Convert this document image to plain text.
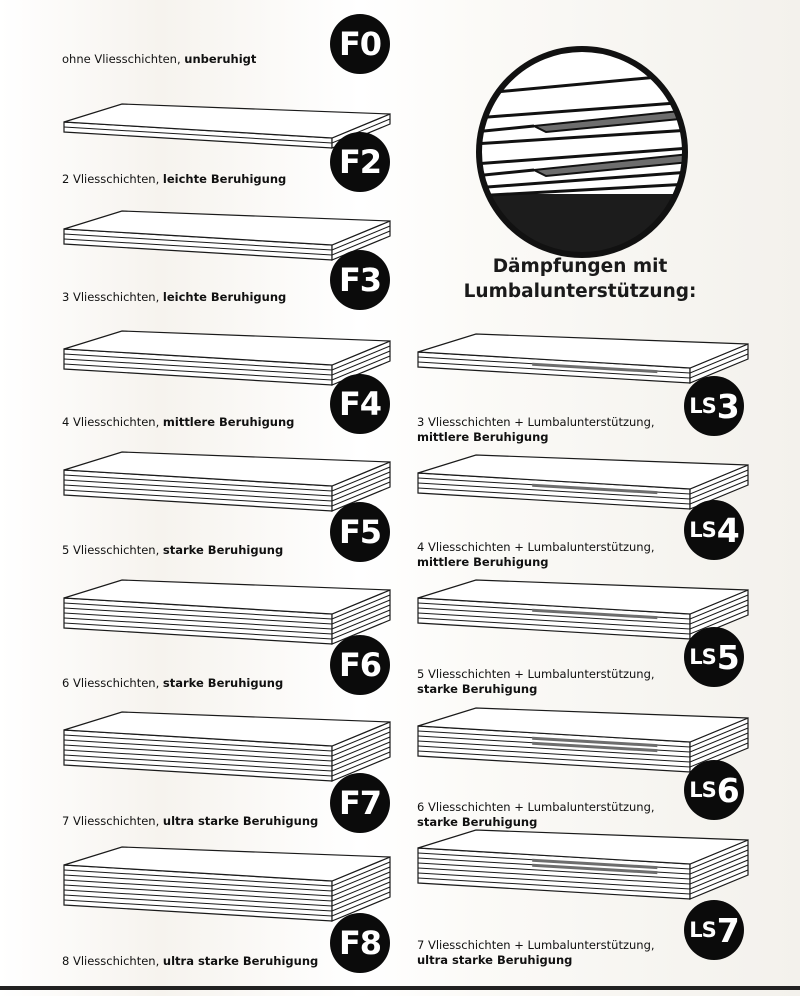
Dämpfungen mit
Lumbalunterstützung:
F0
ohne Vliesschichten, unberuhigt
F2
2 Vliesschichten, leichte Beruhigung
F3
3 Vliesschichten, leichte Beruhigung
F4
4 Vliesschichten, mittlere Beruhigung
F5
5 Vliesschichten, starke Beruhigung
F6
6 Vliesschichten, starke Beruhigung
F7
7 Vliesschichten, ultra starke Beruhigung
F8
8 Vliesschichten, ultra starke Beruhigung
LS 3
3 Vliesschichten + Lumbalunterstützung,
mittlere Beruhigung
LS 4
4 Vliesschichten + Lumbalunterstützung,
mittlere Beruhigung
LS 5
5 Vliesschichten + Lumbalunterstützung,
starke Beruhigung
LS 6
6 Vliesschichten + Lumbalunterstützung,
starke Beruhigung
LS 7
7 Vliesschichten + Lumbalunterstützung,
ultra starke Beruhigung
